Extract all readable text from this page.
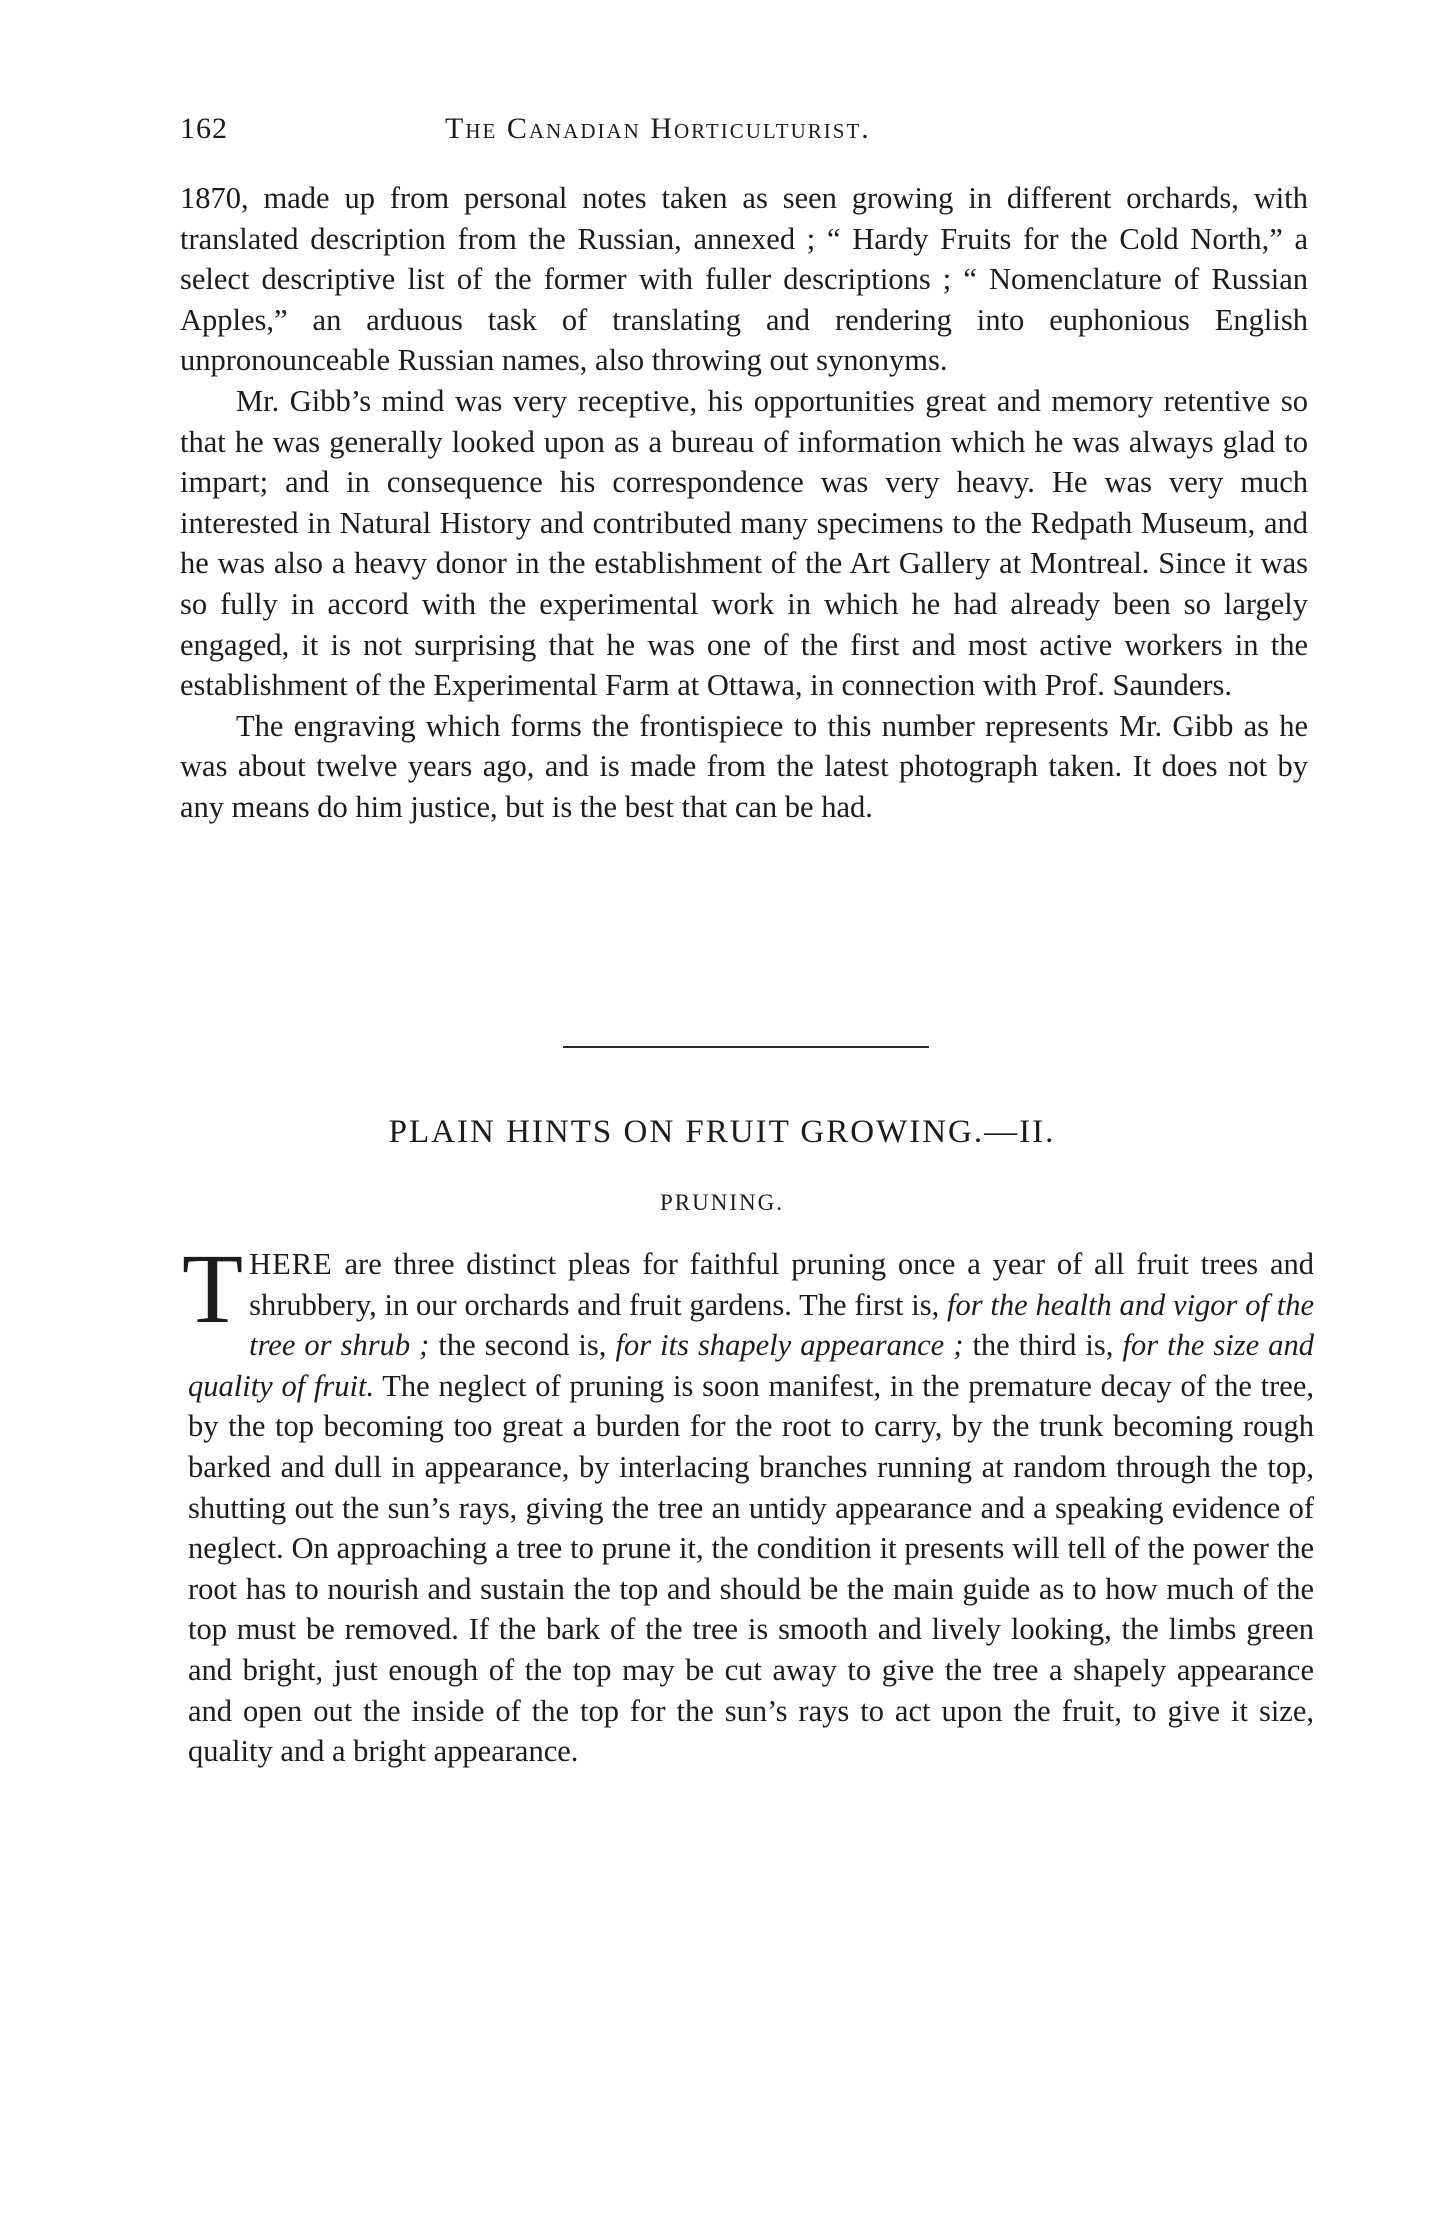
162	The Canadian Horticulturist.

1870, made up from personal notes taken as seen growing in different orchards, with translated description from the Russian, annexed ; “ Hardy Fruits for the Cold North,” a select descriptive list of the former with fuller descriptions ; “ Nomenclature of Russian Apples,” an arduous task of translating and rendering into euphonious English unpronounceable Russian names, also throwing out synonyms.

Mr. Gibb’s mind was very receptive, his opportunities great and memory retentive so that he was generally looked upon as a bureau of information which he was always glad to impart; and in consequence his correspondence was very heavy. He was very much interested in Natural History and contributed many specimens to the Redpath Museum, and he was also a heavy donor in the establishment of the Art Gallery at Montreal. Since it was so fully in accord with the experimental work in which he had already been so largely engaged, it is not surprising that he was one of the first and most active workers in the establishment of the Experimental Farm at Ottawa, in connection with Prof. Saunders.

The engraving which forms the frontispiece to this number represents Mr. Gibb as he was about twelve years ago, and is made from the latest photograph taken. It does not by any means do him justice, but is the best that can be had.

PLAIN HINTS ON FRUIT GROWING.—II.
PRUNING.

THERE are three distinct pleas for faithful pruning once a year of all fruit trees and shrubbery, in our orchards and fruit gardens. The first is, for the health and vigor of the tree or shrub ; the second is, for its shapely appearance ; the third is, for the size and quality of fruit. The neglect of pruning is soon manifest, in the premature decay of the tree, by the top becoming too great a burden for the root to carry, by the trunk becoming rough barked and dull in appearance, by interlacing branches running at random through the top, shutting out the sun’s rays, giving the tree an untidy appearance and a speaking evidence of neglect. On approaching a tree to prune it, the condition it presents will tell of the power the root has to nourish and sustain the top and should be the main guide as to how much of the top must be removed. If the bark of the tree is smooth and lively looking, the limbs green and bright, just enough of the top may be cut away to give the tree a shapely appearance and open out the inside of the top for the sun’s rays to act upon the fruit, to give it size, quality and a bright appearance.
